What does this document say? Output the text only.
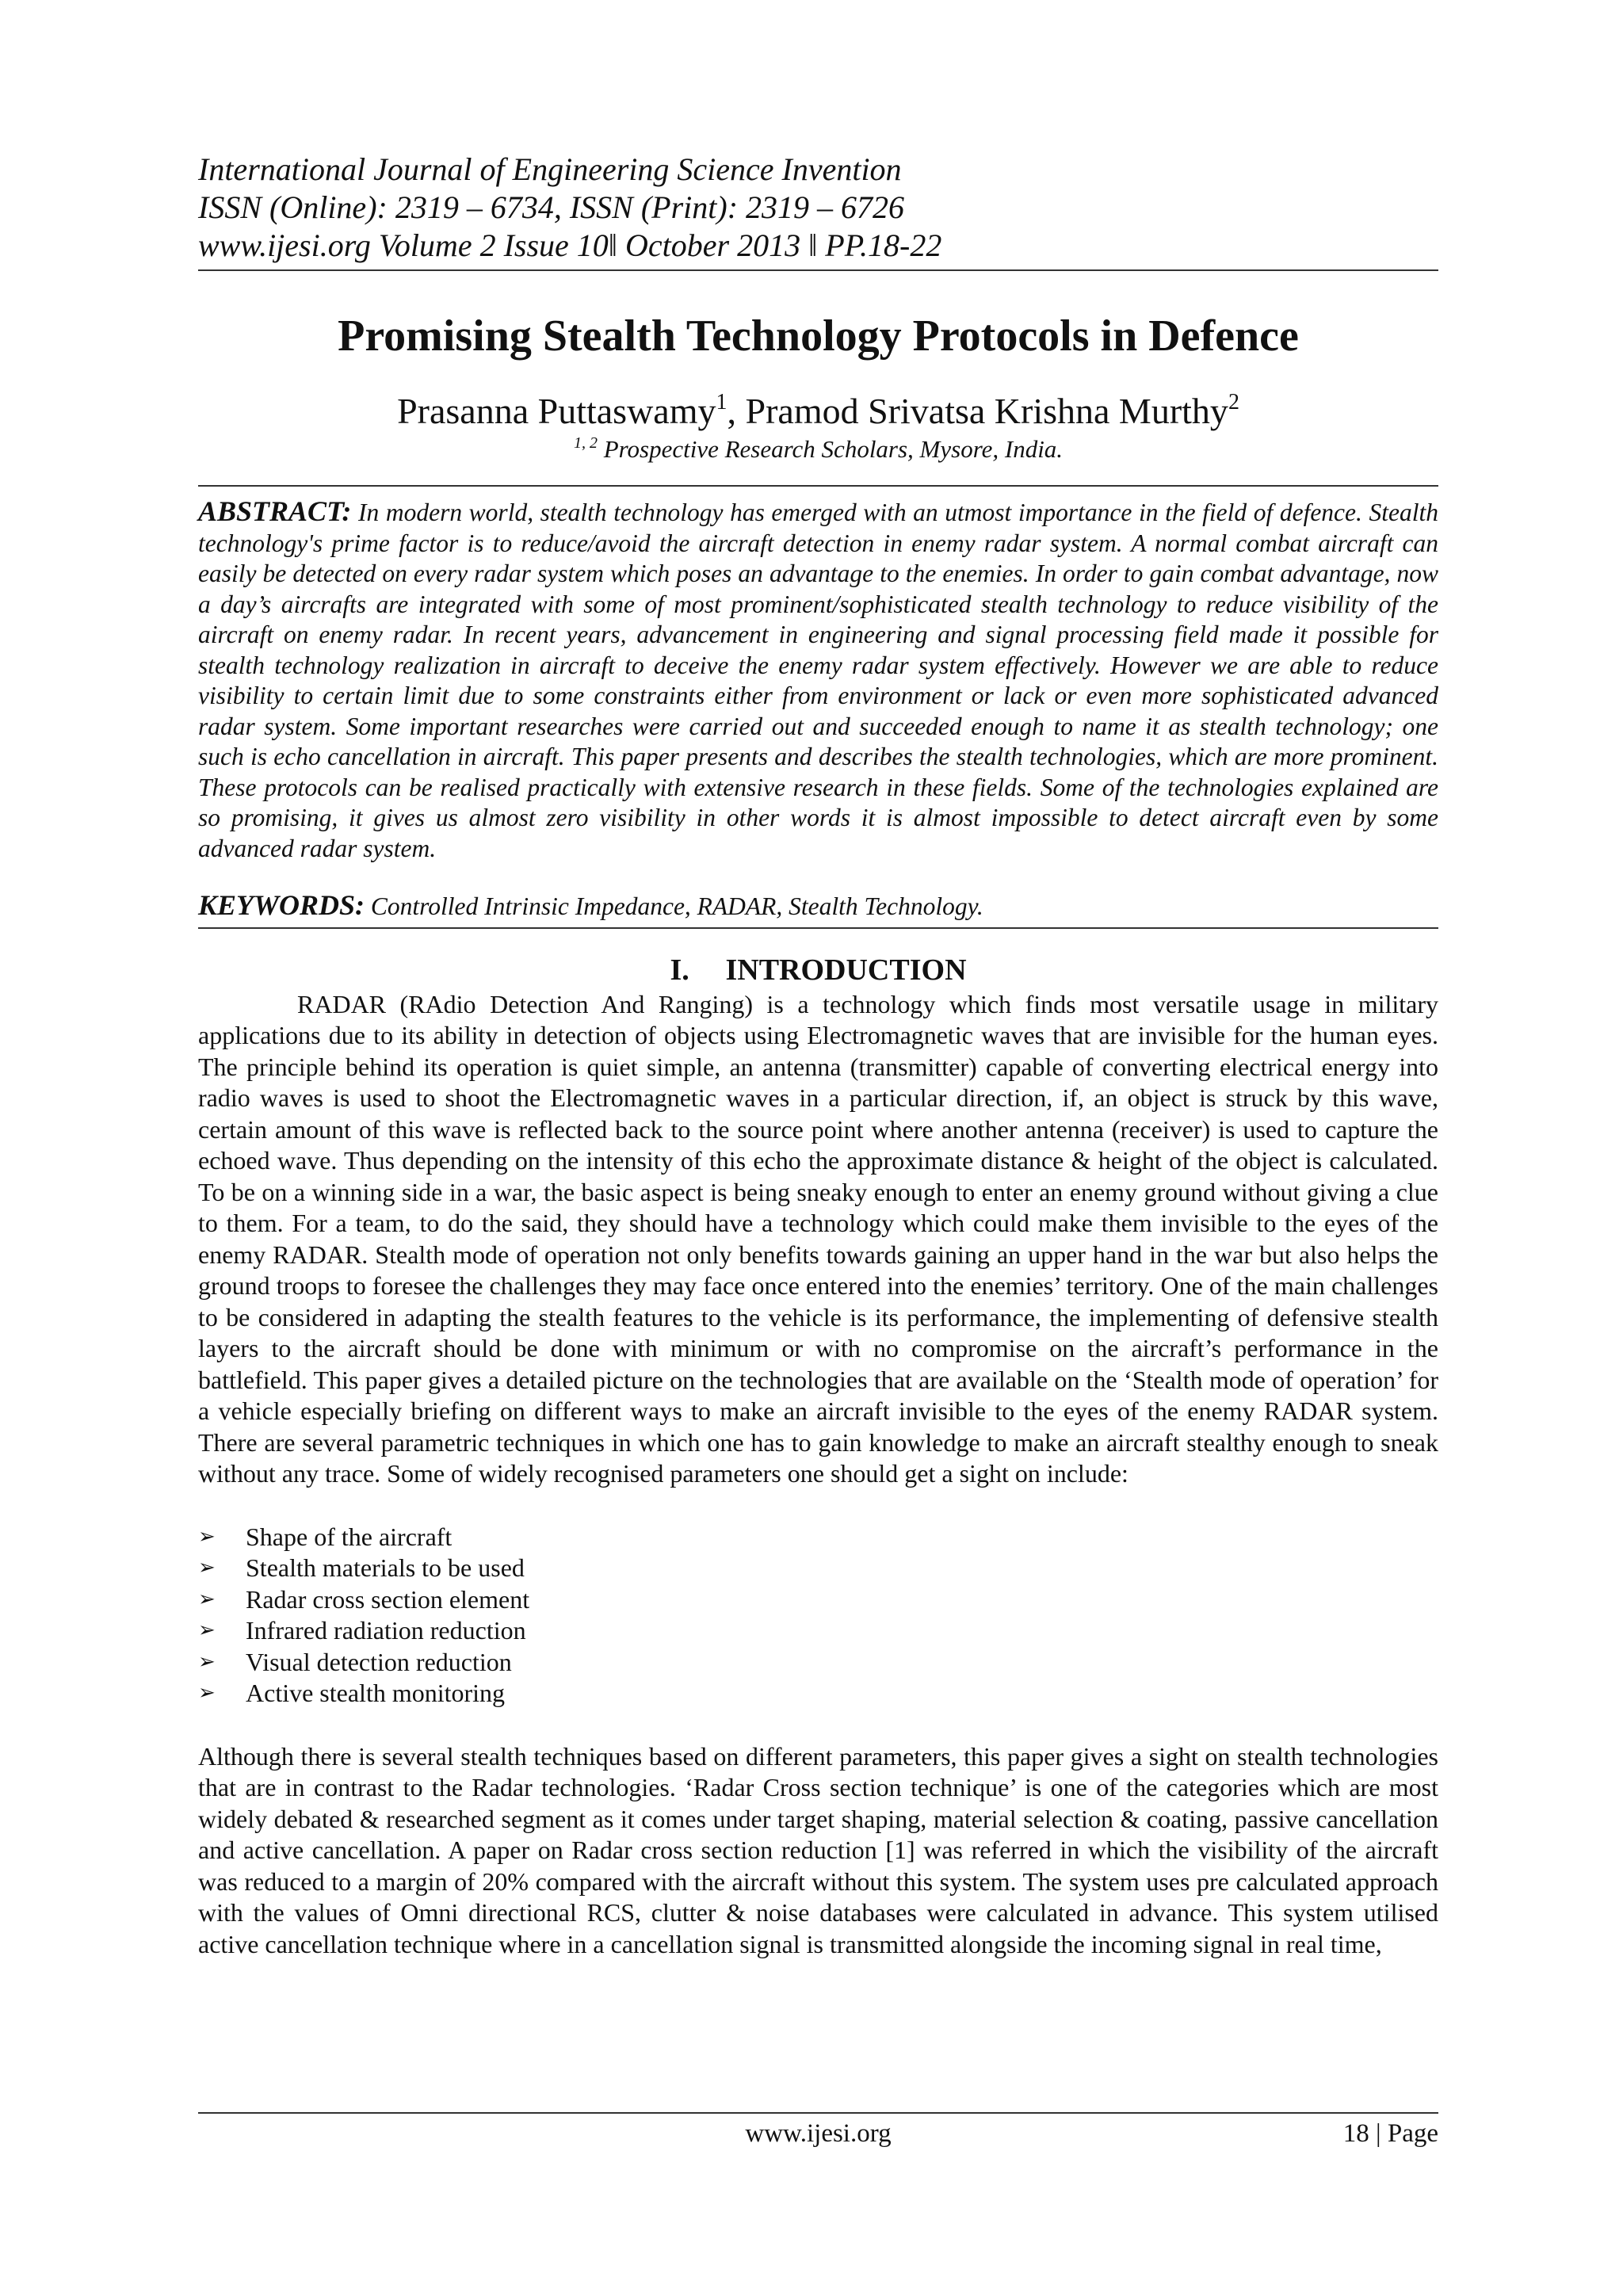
International Journal of Engineering Science Invention
ISSN (Online): 2319 – 6734, ISSN (Print): 2319 – 6726
www.ijesi.org Volume 2 Issue 10ǁ October 2013 ǁ PP.18-22
Promising Stealth Technology Protocols in Defence
Prasanna Puttaswamy$^1$, Pramod Srivatsa Krishna Murthy$^2$
$^{1, 2}$ Prospective Research Scholars, Mysore, India.

ABSTRACT: In modern world, stealth technology has emerged with an utmost importance in the field of defence. Stealth technology's prime factor is to reduce/avoid the aircraft detection in enemy radar system. A normal combat aircraft can easily be detected on every radar system which poses an advantage to the enemies. In order to gain combat advantage, now a day’s aircrafts are integrated with some of most prominent/sophisticated stealth technology to reduce visibility of the aircraft on enemy radar. In recent years, advancement in engineering and signal processing field made it possible for stealth technology realization in aircraft to deceive the enemy radar system effectively. However we are able to reduce visibility to certain limit due to some constraints either from environment or lack or even more sophisticated advanced radar system. Some important researches were carried out and succeeded enough to name it as stealth technology; one such is echo cancellation in aircraft. This paper presents and describes the stealth technologies, which are more prominent. These protocols can be realised practically with extensive research in these fields. Some of the technologies explained are so promising, it gives us almost zero visibility in other words it is almost impossible to detect aircraft even by some advanced radar system.

KEYWORDS: Controlled Intrinsic Impedance, RADAR, Stealth Technology.
I. INTRODUCTION

RADAR (RAdio Detection And Ranging) is a technology which finds most versatile usage in military applications due to its ability in detection of objects using Electromagnetic waves that are invisible for the human eyes. The principle behind its operation is quiet simple, an antenna (transmitter) capable of converting electrical energy into radio waves is used to shoot the Electromagnetic waves in a particular direction, if, an object is struck by this wave, certain amount of this wave is reflected back to the source point where another antenna (receiver) is used to capture the echoed wave. Thus depending on the intensity of this echo the approximate distance & height of the object is calculated. To be on a winning side in a war, the basic aspect is being sneaky enough to enter an enemy ground without giving a clue to them. For a team, to do the said, they should have a technology which could make them invisible to the eyes of the enemy RADAR. Stealth mode of operation not only benefits towards gaining an upper hand in the war but also helps the ground troops to foresee the challenges they may face once entered into the enemies’ territory. One of the main challenges to be considered in adapting the stealth features to the vehicle is its performance, the implementing of defensive stealth layers to the aircraft should be done with minimum or with no compromise on the aircraft’s performance in the battlefield. This paper gives a detailed picture on the technologies that are available on the ‘Stealth mode of operation’ for a vehicle especially briefing on different ways to make an aircraft invisible to the eyes of the enemy RADAR system. There are several parametric techniques in which one has to gain knowledge to make an aircraft stealthy enough to sneak without any trace. Some of widely recognised parameters one should get a sight on include:

➢	Shape of the aircraft
➢	Stealth materials to be used
➢	Radar cross section element
➢	Infrared radiation reduction
➢	Visual detection reduction
➢	Active stealth monitoring

Although there is several stealth techniques based on different parameters, this paper gives a sight on stealth technologies that are in contrast to the Radar technologies. ‘Radar Cross section technique’ is one of the categories which are most widely debated & researched segment as it comes under target shaping, material selection & coating, passive cancellation and active cancellation. A paper on Radar cross section reduction [1] was referred in which the visibility of the aircraft was reduced to a margin of 20% compared with the aircraft without this system. The system uses pre calculated approach with the values of Omni directional RCS, clutter & noise databases were calculated in advance. This system utilised active cancellation technique where in a cancellation signal is transmitted alongside the incoming signal in real time,

www.ijesi.org	18 | Page
